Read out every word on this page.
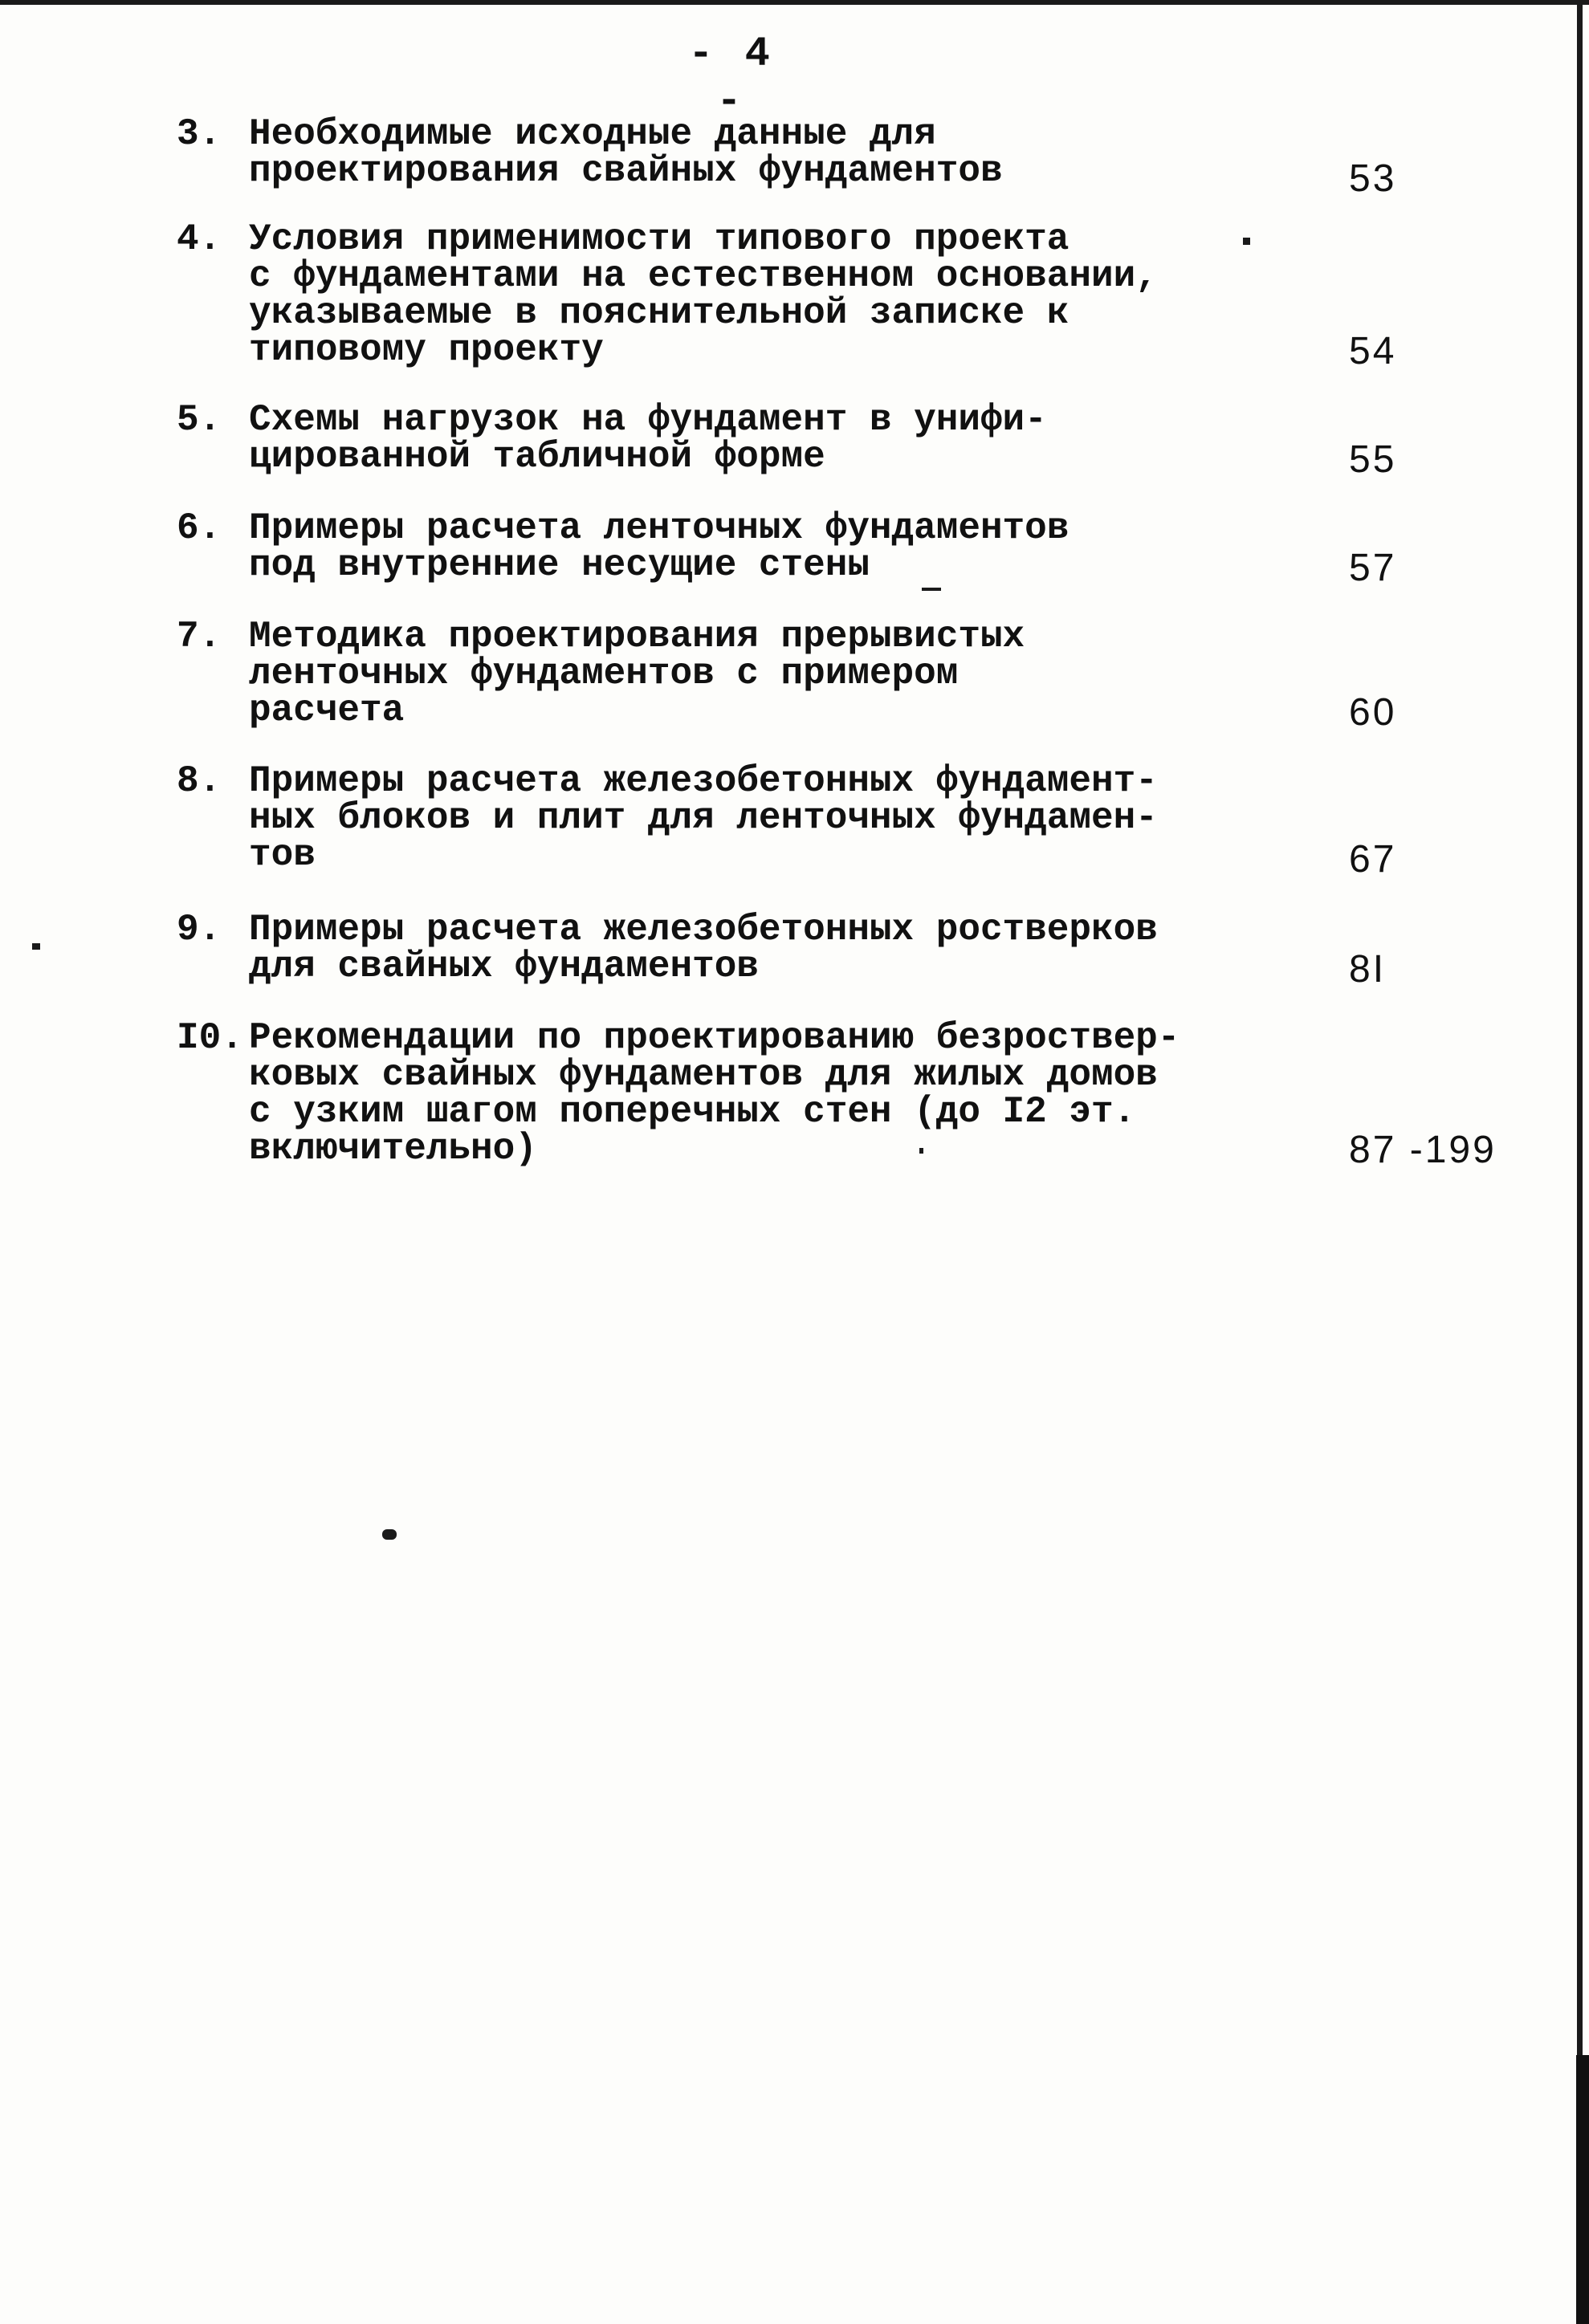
- 4 -
3. Необходимые исходные данные для
проектирования свайных фундаментов	53
4. Условия применимости типового проекта
с фундаментами на естественном основании,
указываемые в пояснительной записке к
типовому проекту	54
5. Схемы нагрузок на фундамент в унифи-
цированной табличной форме	55
6. Примеры расчета ленточных фундаментов
под внутренние несущие стены	57
7. Методика проектирования прерывистых
ленточных фундаментов с примером
расчета	60
8. Примеры расчета железобетонных фундамент-
ных блоков и плит для ленточных фундамен-
тов	67
9. Примеры расчета железобетонных ростверков
для свайных фундаментов	8I
I0. Рекомендации по проектированию безроствер-
ковых свайных фундаментов для жилых домов
с узким шагом поперечных стен (до I2 эт.
включительно)	87 -199
